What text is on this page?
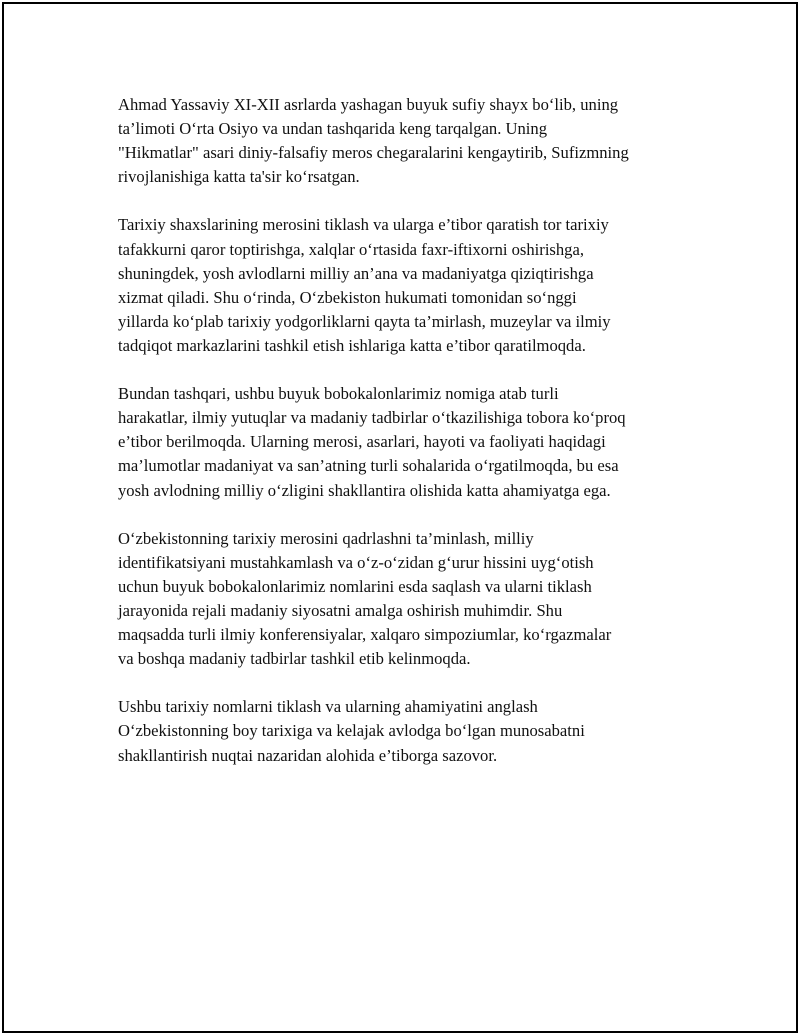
Ahmad Yassaviy XI-XII asrlarda yashagan buyuk sufiy shayx bo‘lib, uning
ta’limoti O‘rta Osiyo va undan tashqarida keng tarqalgan. Uning
"Hikmatlar" asari diniy-falsafiy meros chegaralarini kengaytirib, Sufizmning
rivojlanishiga katta ta'sir ko‘rsatgan.

Tarixiy shaxslarining merosini tiklash va ularga e’tibor qaratish tor tarixiy
tafakkurni qaror toptirishga, xalqlar o‘rtasida faxr-iftixorni oshirishga,
shuningdek, yosh avlodlarni milliy an’ana va madaniyatga qiziqtirishga
xizmat qiladi. Shu o‘rinda, O‘zbekiston hukumati tomonidan so‘nggi
yillarda ko‘plab tarixiy yodgorliklarni qayta ta’mirlash, muzeylar va ilmiy
tadqiqot markazlarini tashkil etish ishlariga katta e’tibor qaratilmoqda.

Bundan tashqari, ushbu buyuk bobokalonlarimiz nomiga atab turli
harakatlar, ilmiy yutuqlar va madaniy tadbirlar o‘tkazilishiga tobora ko‘proq
e’tibor berilmoqda. Ularning merosi, asarlari, hayoti va faoliyati haqidagi
ma’lumotlar madaniyat va san’atning turli sohalarida o‘rgatilmoqda, bu esa
yosh avlodning milliy o‘zligini shakllantira olishida katta ahamiyatga ega.

O‘zbekistonning tarixiy merosini qadrlashni ta’minlash, milliy
identifikatsiyani mustahkamlash va o‘z-o‘zidan g‘urur hissini uyg‘otish
uchun buyuk bobokalonlarimiz nomlarini esda saqlash va ularni tiklash
jarayonida rejali madaniy siyosatni amalga oshirish muhimdir. Shu
maqsadda turli ilmiy konferensiyalar, xalqaro simpoziumlar, ko‘rgazmalar
va boshqa madaniy tadbirlar tashkil etib kelinmoqda.

Ushbu tarixiy nomlarni tiklash va ularning ahamiyatini anglash
O‘zbekistonning boy tarixiga va kelajak avlodga bo‘lgan munosabatni
shakllantirish nuqtai nazaridan alohida e’tiborga sazovor.
